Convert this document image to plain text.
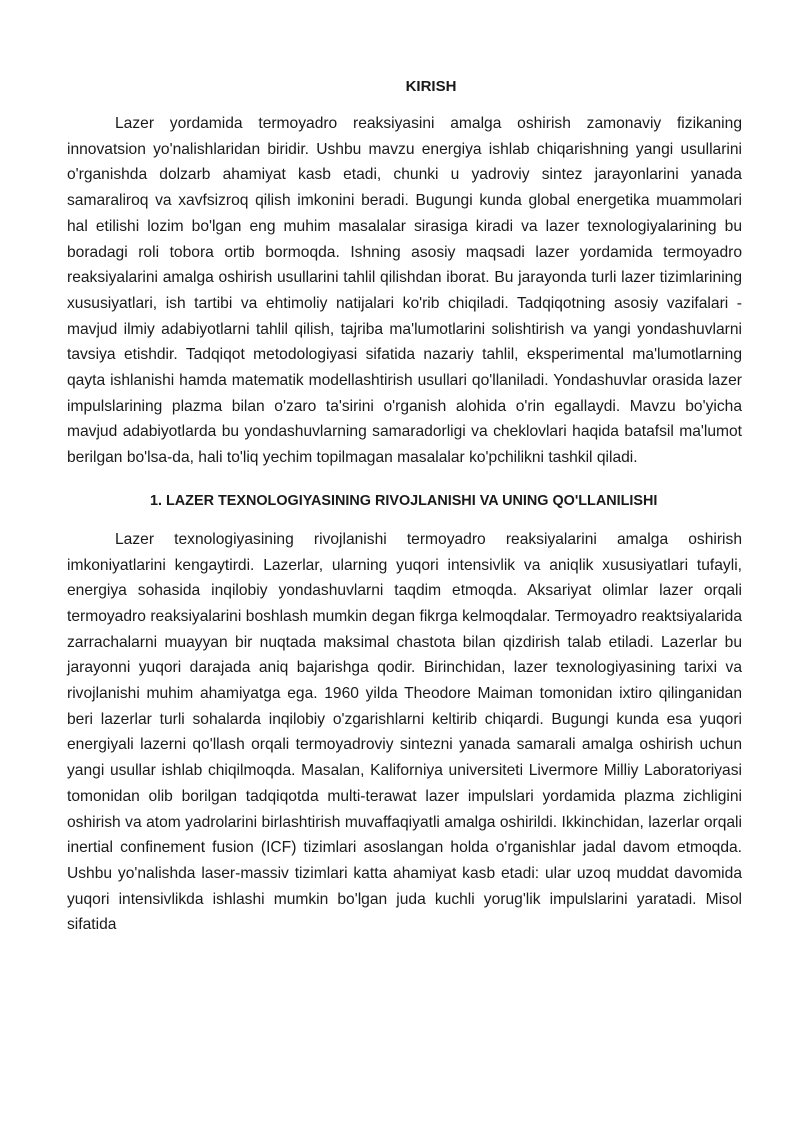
KIRISH

Lazer yordamida termoyadro reaksiyasini amalga oshirish zamonaviy fizikaning innovatsion yo'nalishlaridan biridir. Ushbu mavzu energiya ishlab chiqarishning yangi usullarini o'rganishda dolzarb ahamiyat kasb etadi, chunki u yadroviy sintez jarayonlarini yanada samaraliroq va xavfsizroq qilish imkonini beradi. Bugungi kunda global energetika muammolari hal etilishi lozim bo'lgan eng muhim masalalar sirasiga kiradi va lazer texnologiyalarining bu boradagi roli tobora ortib bormoqda. Ishning asosiy maqsadi lazer yordamida termoyadro reaksiyalarini amalga oshirish usullarini tahlil qilishdan iborat. Bu jarayonda turli lazer tizimlarining xususiyatlari, ish tartibi va ehtimoliy natijalari ko'rib chiqiladi. Tadqiqotning asosiy vazifalari - mavjud ilmiy adabiyotlarni tahlil qilish, tajriba ma'lumotlarini solishtirish va yangi yondashuvlarni tavsiya etishdir. Tadqiqot metodologiyasi sifatida nazariy tahlil, eksperimental ma'lumotlarning qayta ishlanishi hamda matematik modellashtirish usullari qo'llaniladi. Yondashuvlar orasida lazer impulslarining plazma bilan o'zaro ta'sirini o'rganish alohida o'rin egallaydi. Mavzu bo'yicha mavjud adabiyotlarda bu yondashuvlarning samaradorligi va cheklovlari haqida batafsil ma'lumot berilgan bo'lsa-da, hali to'liq yechim topilmagan masalalar ko'pchilikni tashkil qiladi.

1. LAZER TEXNOLOGIYASINING RIVOJLANISHI VA UNING QO'LLANILISHI

Lazer texnologiyasining rivojlanishi termoyadro reaksiyalarini amalga oshirish imkoniyatlarini kengaytirdi. Lazerlar, ularning yuqori intensivlik va aniqlik xususiyatlari tufayli, energiya sohasida inqilobiy yondashuvlarni taqdim etmoqda. Aksariyat olimlar lazer orqali termoyadro reaksiyalarini boshlash mumkin degan fikrga kelmoqdalar. Termoyadro reaktsiyalarida zarrachalarni muayyan bir nuqtada maksimal chastota bilan qizdirish talab etiladi. Lazerlar bu jarayonni yuqori darajada aniq bajarishga qodir. Birinchidan, lazer texnologiyasining tarixi va rivojlanishi muhim ahamiyatga ega. 1960 yilda Theodore Maiman tomonidan ixtiro qilinganidan beri lazerlar turli sohalarda inqilobiy o'zgarishlarni keltirib chiqardi. Bugungi kunda esa yuqori energiyali lazerni qo'llash orqali termoyadroviy sintezni yanada samarali amalga oshirish uchun yangi usullar ishlab chiqilmoqda. Masalan, Kaliforniya universiteti Livermore Milliy Laboratoriyasi tomonidan olib borilgan tadqiqotda multi-terawat lazer impulslari yordamida plazma zichligini oshirish va atom yadrolarini birlashtirish muvaffaqiyatli amalga oshirildi. Ikkinchidan, lazerlar orqali inertial confinement fusion (ICF) tizimlari asoslangan holda o'rganishlar jadal davom etmoqda. Ushbu yo'nalishda laser-massiv tizimlari katta ahamiyat kasb etadi: ular uzoq muddat davomida yuqori intensivlikda ishlashi mumkin bo'lgan juda kuchli yorug'lik impulslarini yaratadi. Misol sifatida
